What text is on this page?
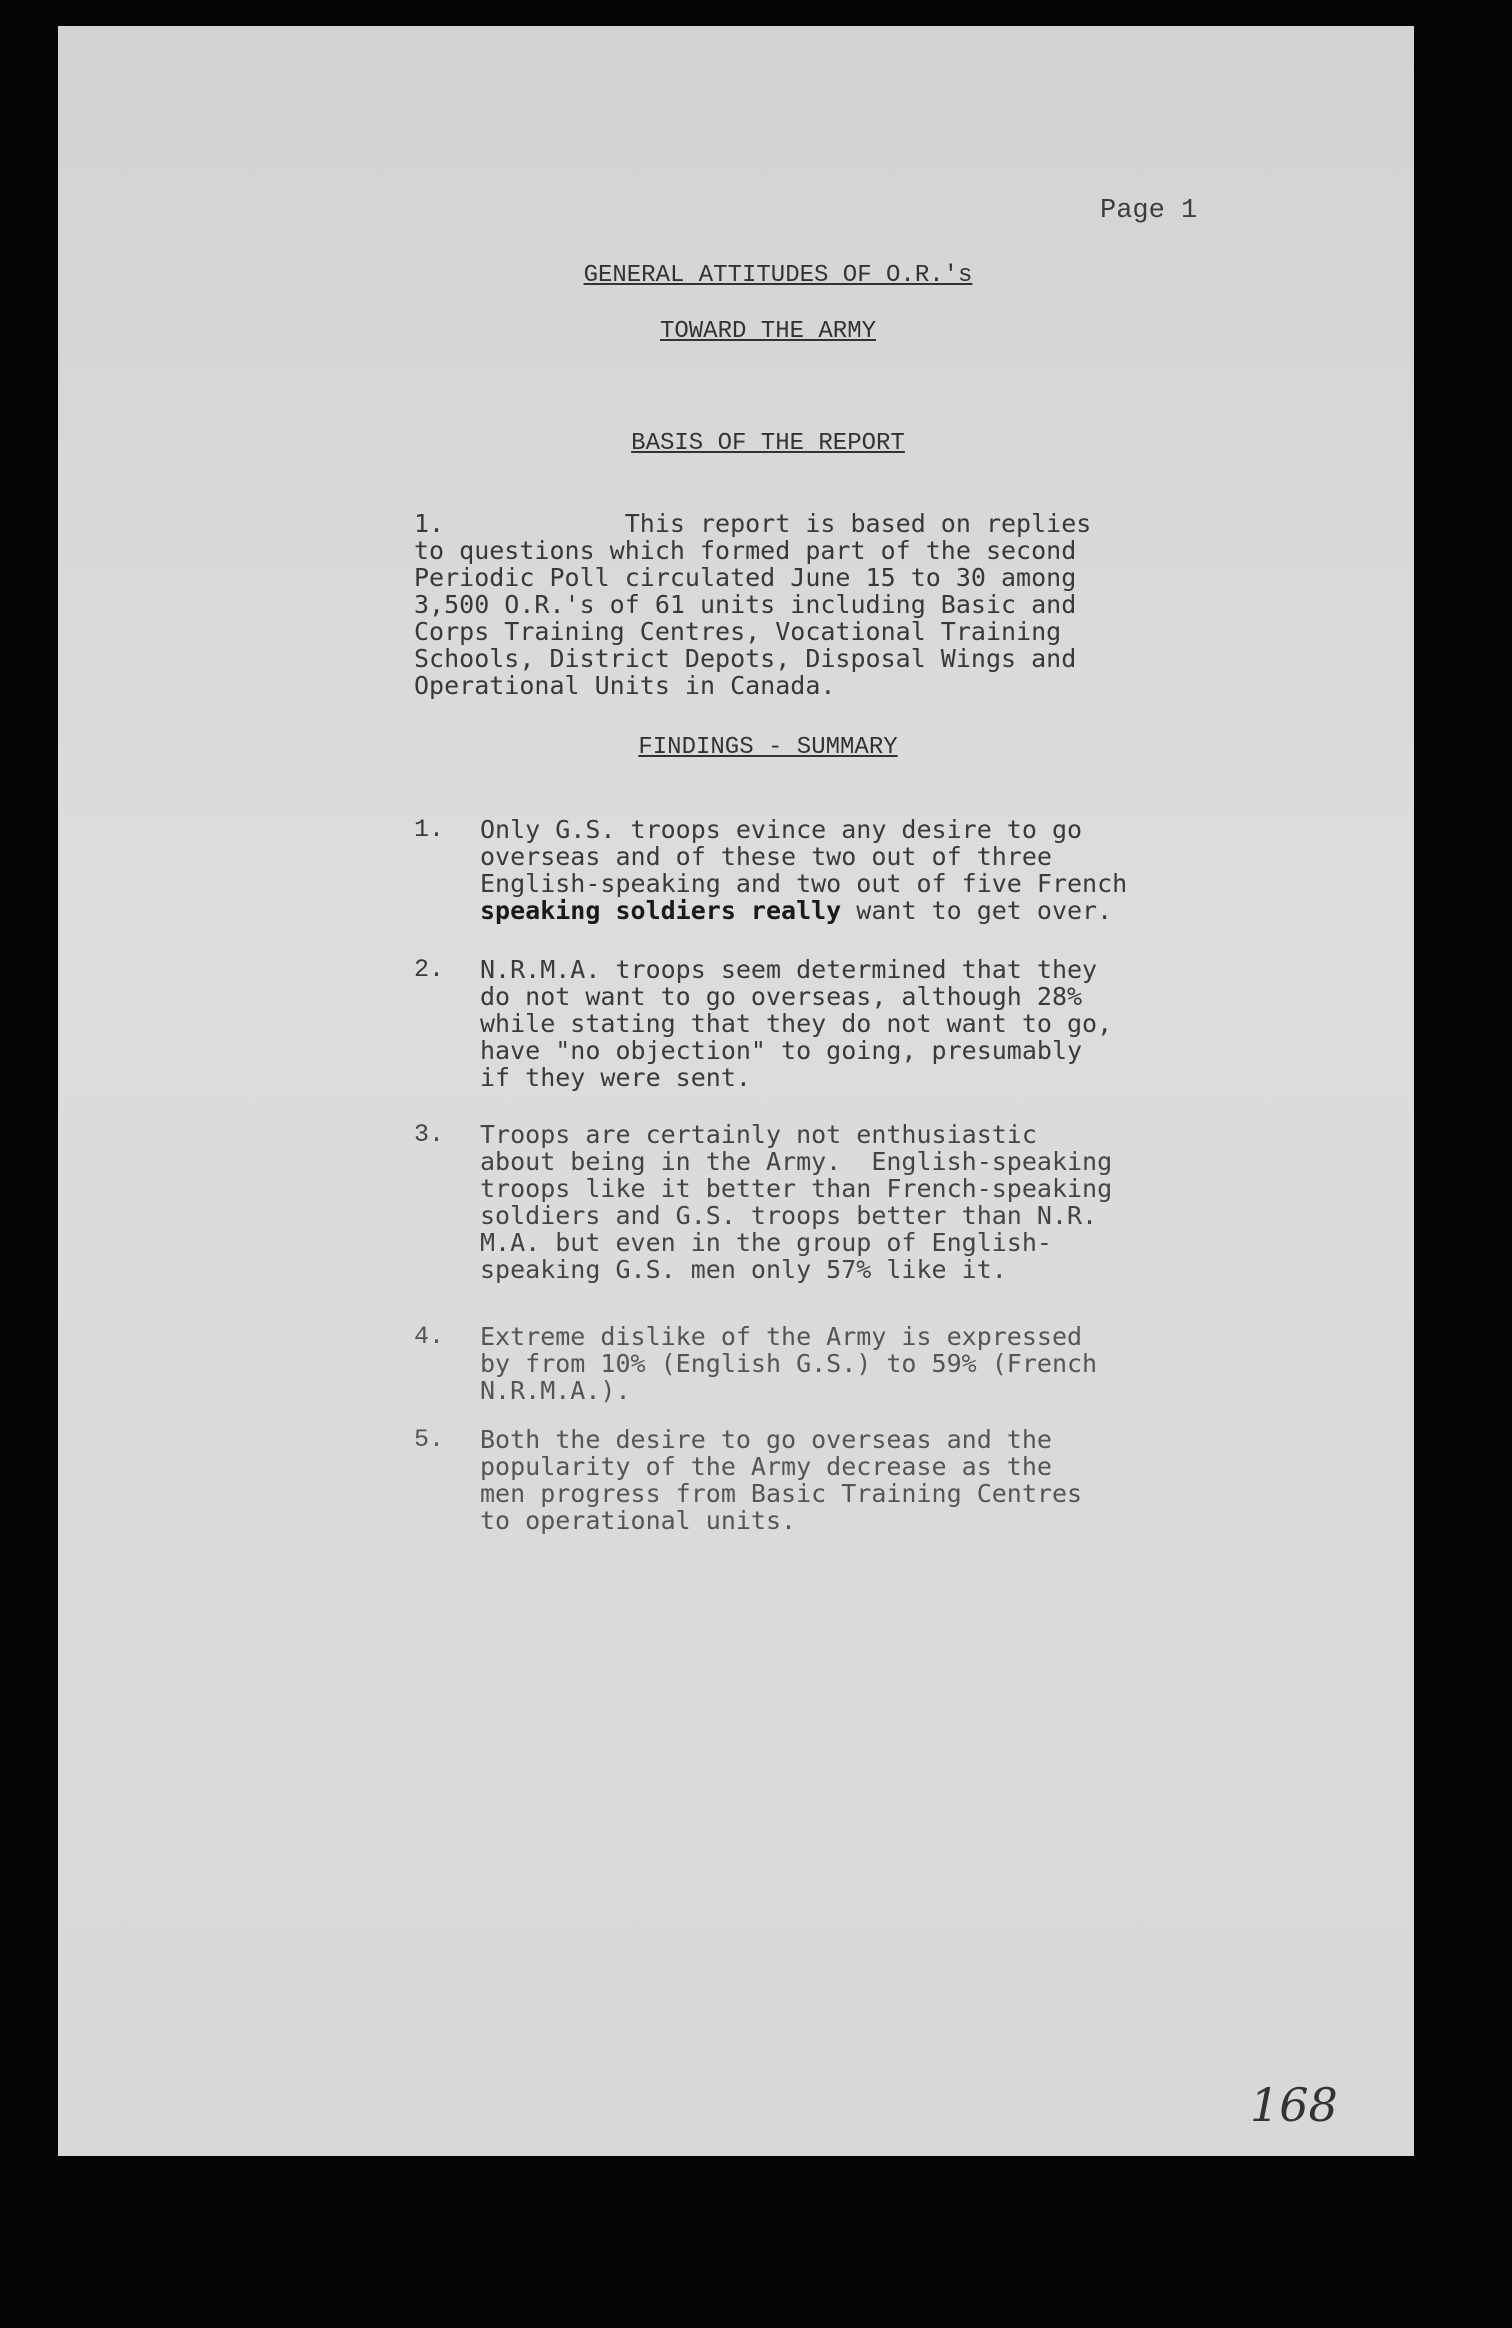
Page 1
GENERAL ATTITUDES OF O.R.'s
TOWARD THE ARMY
BASIS OF THE REPORT
1.            This report is based on replies
to questions which formed part of the second
Periodic Poll circulated June 15 to 30 among
3,500 O.R.'s of 61 units including Basic and
Corps Training Centres, Vocational Training
Schools, District Depots, Disposal Wings and
Operational Units in Canada.
FINDINGS - SUMMARY
1. Only G.S. troops evince any desire to go
overseas and of these two out of three
English-speaking and two out of five French
speaking soldiers really want to get over.
2. N.R.M.A. troops seem determined that they
do not want to go overseas, although 28%
while stating that they do not want to go,
have "no objection" to going, presumably
if they were sent.
3. Troops are certainly not enthusiastic
about being in the Army.  English-speaking
troops like it better than French-speaking
soldiers and G.S. troops better than N.R.
M.A. but even in the group of English-
speaking G.S. men only 57% like it.
4. Extreme dislike of the Army is expressed
by from 10% (English G.S.) to 59% (French
N.R.M.A.).
5. Both the desire to go overseas and the
popularity of the Army decrease as the
men progress from Basic Training Centres
to operational units.
168
